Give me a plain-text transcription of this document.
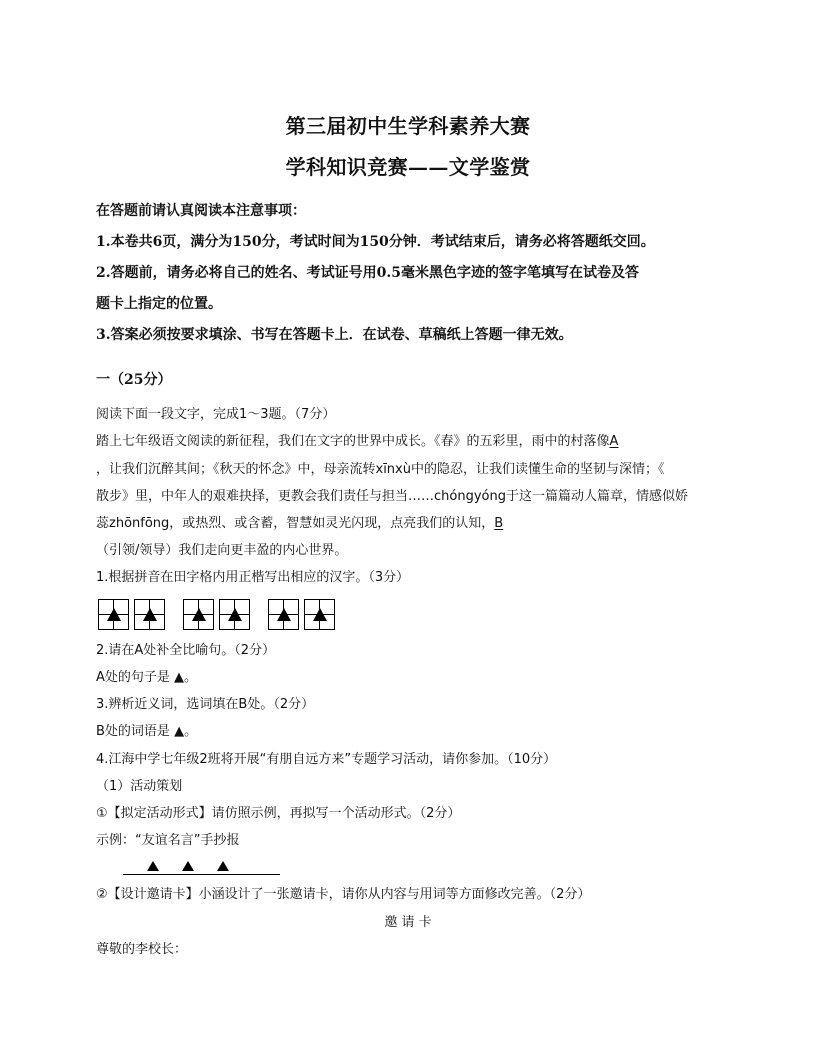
第三届初中生学科素养大赛
学科知识竞赛——文学鉴赏
在答题前请认真阅读本注意事项：
1.本卷共6页，满分为150分，考试时间为150分钟．考试结束后，请务必将答题纸交回。
2.答题前，请务必将自己的姓名、考试证号用0.5毫米黑色字迹的签字笔填写在试卷及答
题卡上指定的位置。
3.答案必须按要求填涂、书写在答题卡上．在试卷、草稿纸上答题一律无效。
一（25分）
阅读下面一段文字，完成1～3题。（7分）
踏上七年级语文阅读的新征程，我们在文字的世界中成长。《春》的五彩里，雨中的村落像A
，让我们沉醉其间；《秋天的怀念》中，母亲流转xīnxù中的隐忍，让我们读懂生命的坚韧与深情；《
散步》里，中年人的艰难抉择，更教会我们责任与担当……chóngyóng于这一篇篇动人篇章，情感似娇
蕊zhōnfōng，或热烈、或含蓄，智慧如灵光闪现，点亮我们的认知，B
（引领/领导）我们走向更丰盈的内心世界。
1.根据拼音在田字格内用正楷写出相应的汉字。（3分）
2.请在A处补全比喻句。（2分）
A处的句子是 ▲。
3.辨析近义词，选词填在B处。（2分）
B处的词语是 ▲。
4.江海中学七年级2班将开展“有朋自远方来”专题学习活动，请你参加。（10分）
（1）活动策划
①【拟定活动形式】请仿照示例，再拟写一个活动形式。（2分）
示例：“友谊名言”手抄报
②【设计邀请卡】小涵设计了一张邀请卡，请你从内容与用词等方面修改完善。（2分）
邀 请 卡
尊敬的李校长：
